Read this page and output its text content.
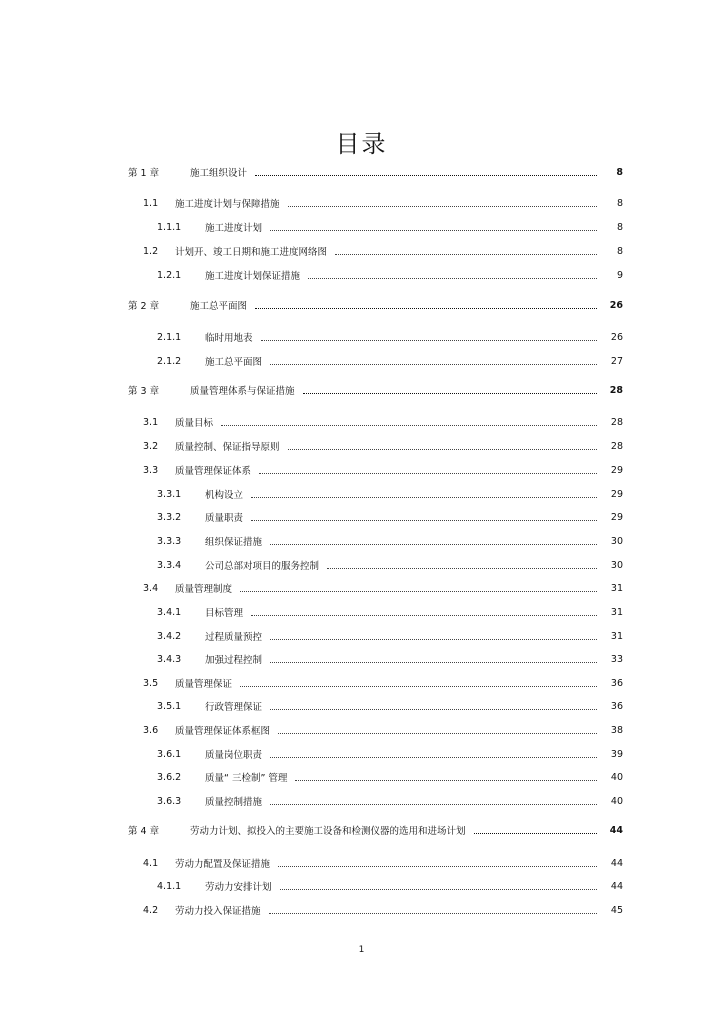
目录
第 1 章	施工组织设计	8
1.1	施工进度计划与保障措施	8
1.1.1	施工进度计划	8
1.2	计划开、竣工日期和施工进度网络图	8
1.2.1	施工进度计划保证措施	9
第 2 章	施工总平面图	26
2.1.1	临时用地表	26
2.1.2	施工总平面图	27
第 3 章	质量管理体系与保证措施	28
3.1	质量目标	28
3.2	质量控制、保证指导原则	28
3.3	质量管理保证体系	29
3.3.1	机构设立	29
3.3.2	质量职责	29
3.3.3	组织保证措施	30
3.3.4	公司总部对项目的服务控制	30
3.4	质量管理制度	31
3.4.1	目标管理	31
3.4.2	过程质量预控	31
3.4.3	加强过程控制	33
3.5	质量管理保证	36
3.5.1	行政管理保证	36
3.6	质量管理保证体系框图	38
3.6.1	质量岗位职责	39
3.6.2	质量“ 三检制” 管理	40
3.6.3	质量控制措施	40
第 4 章	劳动力计划、拟投入的主要施工设备和检测仪器的选用和进场计划	44
4.1	劳动力配置及保证措施	44
4.1.1	劳动力安排计划	44
4.2	劳动力投入保证措施	45
1
